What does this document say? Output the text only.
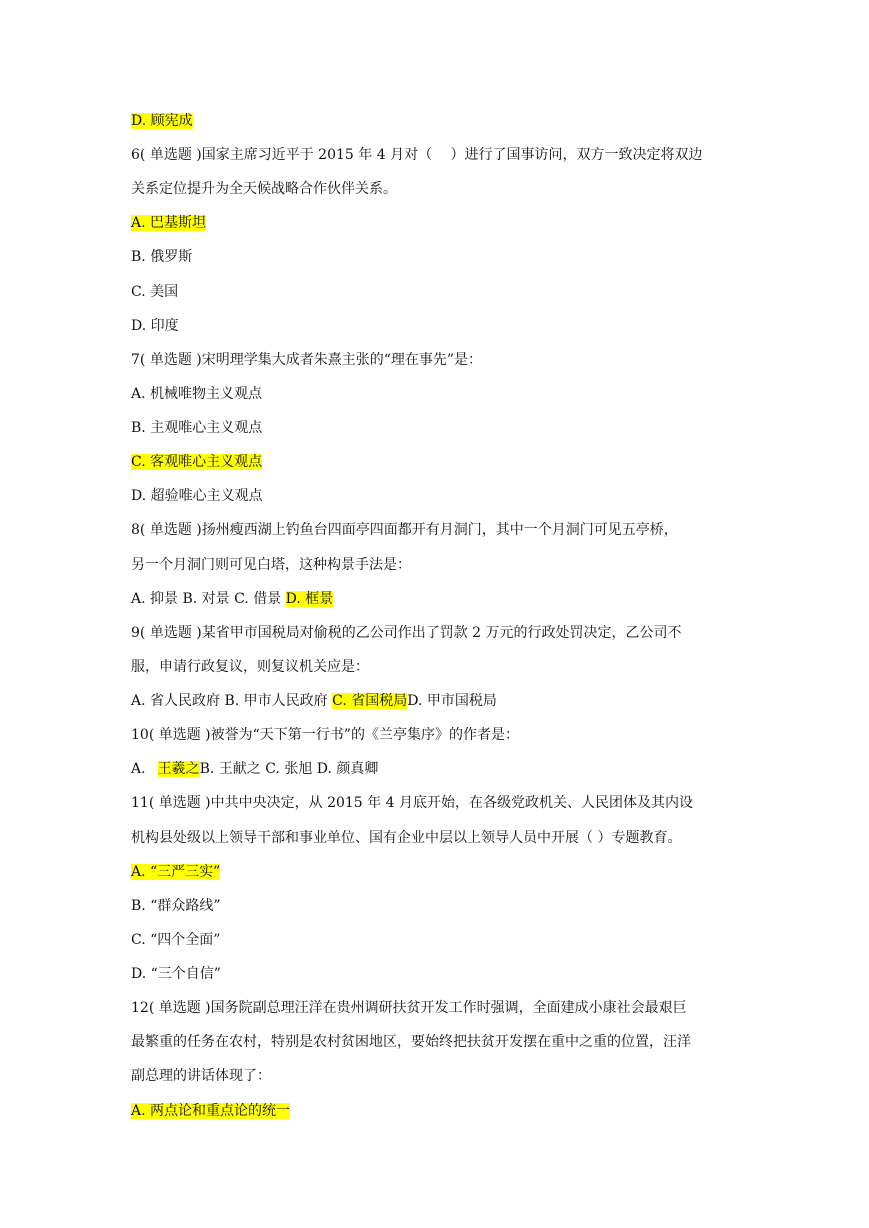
D. 顾宪成
6( 单选题 )国家主席习近平于 2015 年 4 月对（　 ）进行了国事访问，双方一致决定将双边
关系定位提升为全天候战略合作伙伴关系。
A. 巴基斯坦
B. 俄罗斯
C. 美国
D. 印度
7( 单选题 )宋明理学集大成者朱熹主张的“理在事先”是：
A. 机械唯物主义观点
B. 主观唯心主义观点
C. 客观唯心主义观点
D. 超验唯心主义观点
8( 单选题 )扬州瘦西湖上钓鱼台四面亭四面都开有月洞门，其中一个月洞门可见五亭桥，
另一个月洞门则可见白塔，这种构景手法是：
A. 抑景 B. 对景 C. 借景 D. 框景
9( 单选题 )某省甲市国税局对偷税的乙公司作出了罚款 2 万元的行政处罚决定，乙公司不
服，申请行政复议，则复议机关应是：
A. 省人民政府 B. 甲市人民政府 C. 省国税局D. 甲市国税局
10( 单选题 )被誉为“天下第一行书”的《兰亭集序》的作者是：
A. 王羲之B. 王献之 C. 张旭 D. 颜真卿
11( 单选题 )中共中央决定，从 2015 年 4 月底开始，在各级党政机关、人民团体及其内设
机构县处级以上领导干部和事业单位、国有企业中层以上领导人员中开展（ ）专题教育。
A. “三严三实”
B. “群众路线”
C. “四个全面”
D. “三个自信”
12( 单选题 )国务院副总理汪洋在贵州调研扶贫开发工作时强调，全面建成小康社会最艰巨
最繁重的任务在农村，特别是农村贫困地区，要始终把扶贫开发摆在重中之重的位置，汪洋
副总理的讲话体现了：
A. 两点论和重点论的统一
